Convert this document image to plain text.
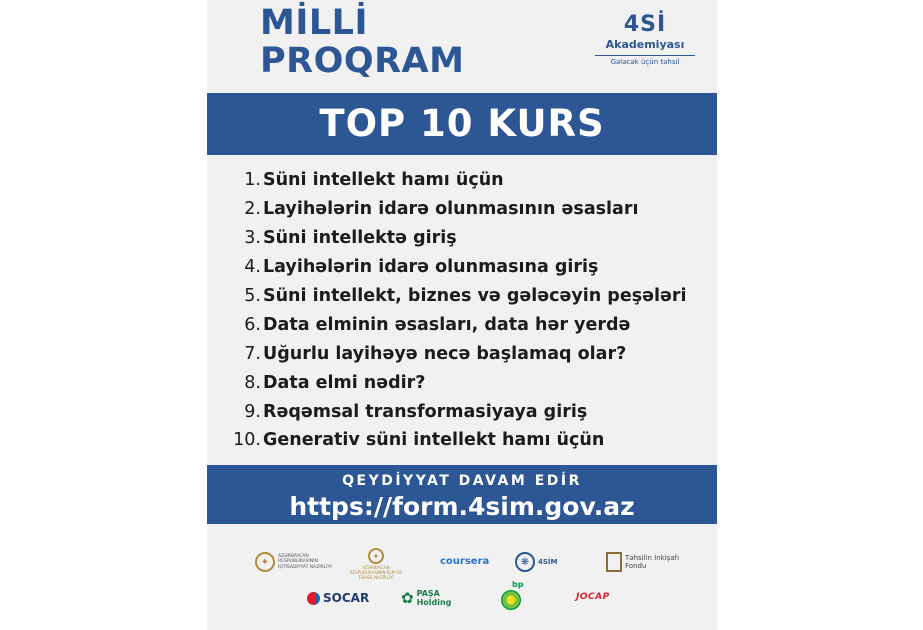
MİLLİ
PROQRAM
4Sİ
Akademiyası
Gələcək üçün təhsil
TOP 10 KURS
1. Süni intellekt hamı üçün
2. Layihələrin idarə olunmasının əsasları
3. Süni intellektə giriş
4. Layihələrin idarə olunmasına giriş
5. Süni intellekt, biznes və gələcəyin peşələri
6. Data elminin əsasları, data hər yerdə
7. Uğurlu layihəyə necə başlamaq olar?
8. Data elmi nədir?
9. Rəqəmsal transformasiyaya giriş
10. Generativ süni intellekt hamı üçün
QEYDİYYAT DAVAM EDİR
https://form.4sim.gov.az
✦
AZƏRBAYCAN RESPUBLİKASININ İQTİSADİYYAT NAZİRLİYİ
✦
AZƏRBAYCAN RESPUBLİKASININ ELM VƏ TƏHSİL NAZİRLİYİ
coursera	❋	4SİM	Təhsilin İnkişafı
Fondu
SOCAR ✿ PAŞA
Holding
bp
JOCAP
